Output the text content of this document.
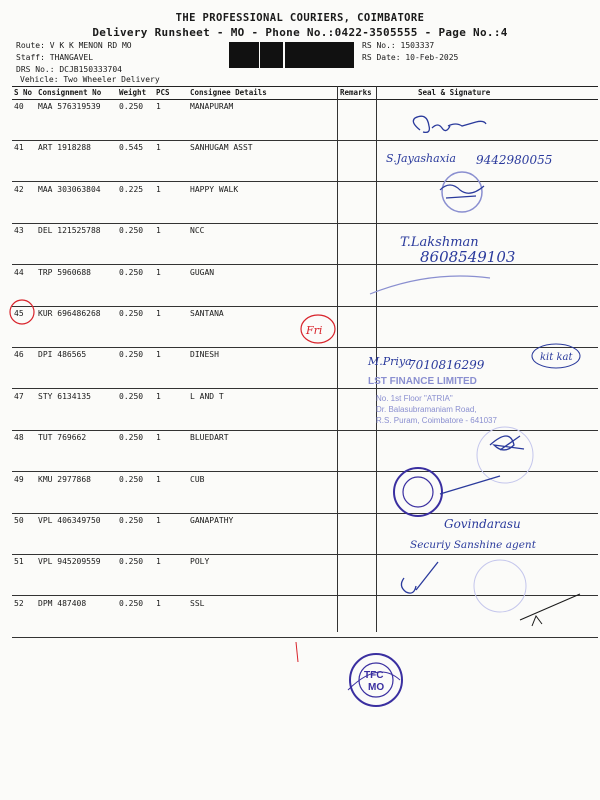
THE PROFESSIONAL COURIERS, COIMBATORE
Delivery Runsheet - MO - Phone No.:0422-3505555 - Page No.:4
Route: V K K MENON RD MO
Staff: THANGAVEL
DRS No.: DCJB150333704
Vehicle: Two Wheeler Delivery
RS No.: 1503337
RS Date: 10-Feb-2025
S No Consignment No Weight PCS	Consignee Details	Remarks	Seal & Signature
40 MAA 576319539 0.250 1	MANAPURAM
41 ART 1918288	0.545 1	SANHUGAM ASST
42 MAA 303063804 0.225 1	HAPPY WALK
43 DEL 121525788 0.250 1	NCC
44 TRP 5960688	0.250 1	GUGAN
45 KUR 696486268 0.250 1	SANTANA
46 DPI 486565	0.250 1	DINESH
47 STY 6134135	0.250 1	L AND T
48 TUT 769662	0.250 1	BLUEDART
49 KMU 2977868	0.250 1	CUB
50 VPL 406349750 0.250 1	GANAPATHY
51 VPL 945209559 0.250 1	POLY
52 DPM 487408	0.250 1	SSL
S.Jayashaxia 9442980055
T.Lakshman
8608549103
Fri
M.Priya
7010816299
kit kat
LST FINANCE LIMITED
No. 1st Floor "ATRIA"
Dr. Balasubramaniam Road,
R.S. Puram, Coimbatore - 641037
Govindarasu
Securiy Sanshine agent
TFC
MO
